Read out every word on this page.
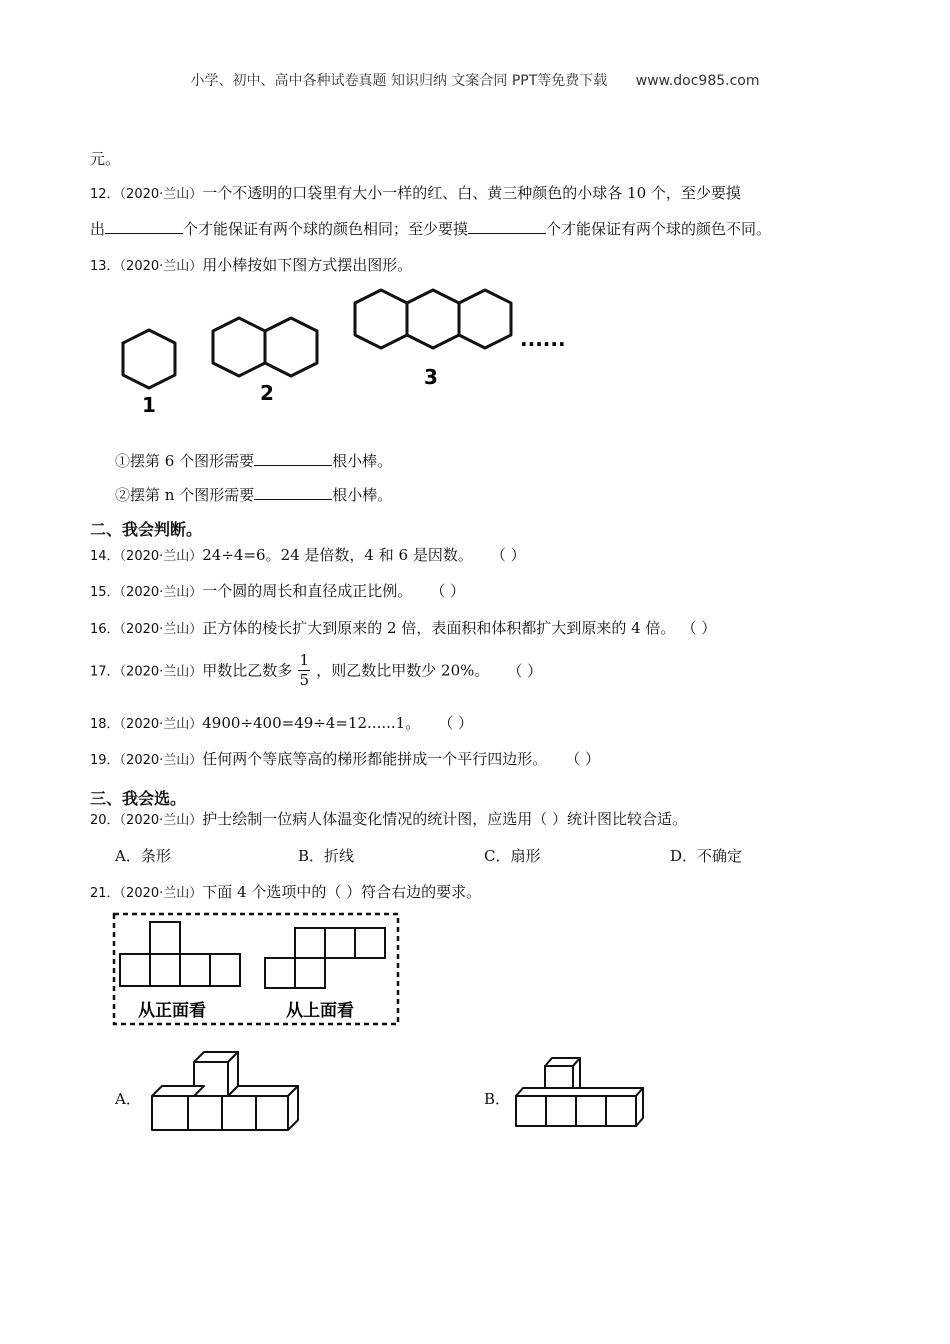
小学、初中、高中各种试卷真题 知识归纳 文案合同 PPT等免费下载 www.doc985.com
元。
12．（2020·兰山）一个不透明的口袋里有大小一样的红、白、黄三种颜色的小球各 10 个，至少要摸
出	个才能保证有两个球的颜色相同；至少要摸	个才能保证有两个球的颜色不同。
13．（2020·兰山）用小棒按如下图方式摆出图形。
1	2
3
......
①摆第 6 个图形需要	根小棒。
②摆第 n 个图形需要	根小棒。
二、我会判断。
14．（2020·兰山）24÷4=6。24 是倍数，4 和 6 是因数。 （ ）
15．（2020·兰山）一个圆的周长和直径成正比例。 （ ）
16．（2020·兰山）正方体的棱长扩大到原来的 2 倍，表面积和体积都扩大到原来的 4 倍。 （ ）
17．（2020·兰山）甲数比乙数多 $\frac{1}{5}$ ，则乙数比甲数少 20%。 （ ）
18．（2020·兰山）4900÷400=49÷4=12......1。 （ ）
19．（2020·兰山）任何两个等底等高的梯形都能拼成一个平行四边形。 （ ）
三、我会选。
20．（2020·兰山）护士绘制一位病人体温变化情况的统计图，应选用（ ）统计图比较合适。
A．条形	B．折线	C．扇形	D．不确定
21．（2020·兰山）下面 4 个选项中的（ ）符合右边的要求。
从正面看	从上面看
A．	B．
